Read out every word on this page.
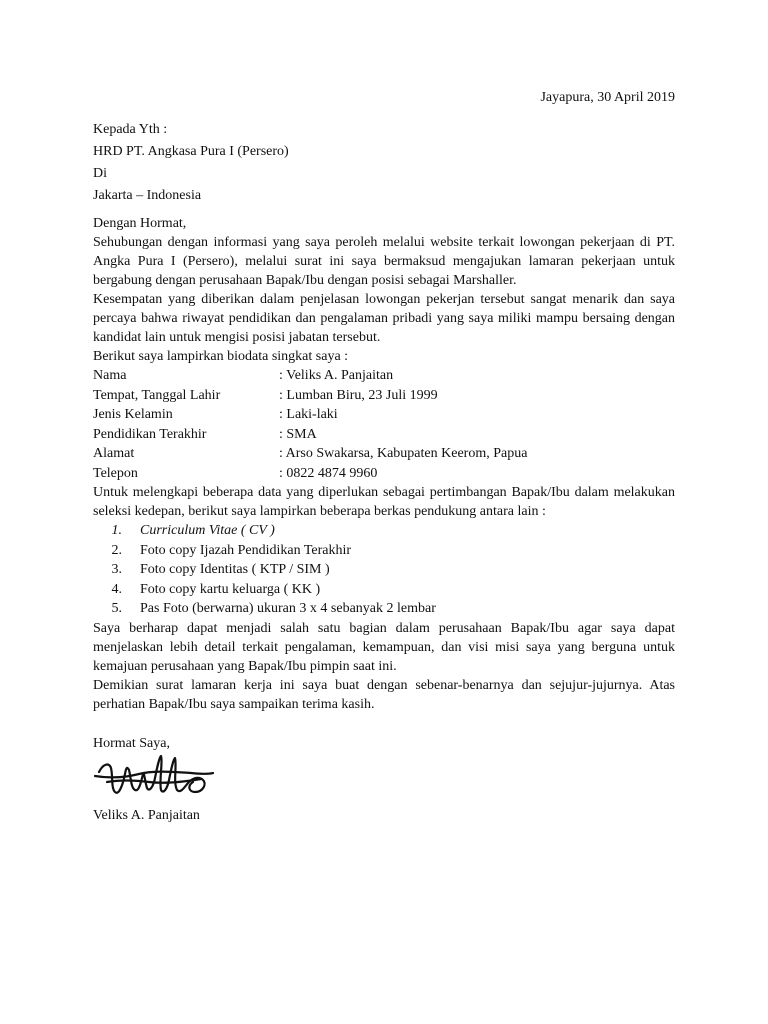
Jayapura, 30 April 2019
Kepada Yth :
HRD PT. Angkasa Pura I (Persero)
Di
Jakarta – Indonesia

Dengan Hormat,

Sehubungan dengan informasi yang saya peroleh melalui website terkait lowongan pekerjaan di PT. Angka Pura I (Persero), melalui surat ini saya bermaksud mengajukan lamaran pekerjaan untuk bergabung dengan perusahaan Bapak/Ibu dengan posisi sebagai Marshaller.

Kesempatan yang diberikan dalam penjelasan lowongan pekerjan tersebut sangat menarik dan saya percaya bahwa riwayat pendidikan dan pengalaman pribadi yang saya miliki mampu bersaing dengan kandidat lain untuk mengisi posisi jabatan tersebut.

Berikut saya lampirkan biodata singkat saya :

Nama	: Veliks A. Panjaitan
Tempat, Tanggal Lahir	: Lumban Biru, 23 Juli 1999
Jenis Kelamin	: Laki-laki
Pendidikan Terakhir	: SMA
Alamat	: Arso Swakarsa, Kabupaten Keerom, Papua
Telepon	: 0822 4874 9960

Untuk melengkapi beberapa data yang diperlukan sebagai pertimbangan Bapak/Ibu dalam melakukan seleksi kedepan, berikut saya lampirkan beberapa berkas pendukung antara lain :

1.	Curriculum Vitae ( CV )
2.	Foto copy Ijazah Pendidikan Terakhir
3.	Foto copy Identitas ( KTP / SIM )
4.	Foto copy kartu keluarga ( KK )
5.	Pas Foto (berwarna) ukuran 3 x 4 sebanyak 2 lembar

Saya berharap dapat menjadi salah satu bagian dalam perusahaan Bapak/Ibu agar saya dapat menjelaskan lebih detail terkait pengalaman, kemampuan, dan visi misi saya yang berguna untuk kemajuan perusahaan yang Bapak/Ibu pimpin saat ini.

Demikian surat lamaran kerja ini saya buat dengan sebenar-benarnya dan sejujur-jujurnya. Atas perhatian Bapak/Ibu saya sampaikan terima kasih.

Hormat Saya,
Veliks A. Panjaitan
